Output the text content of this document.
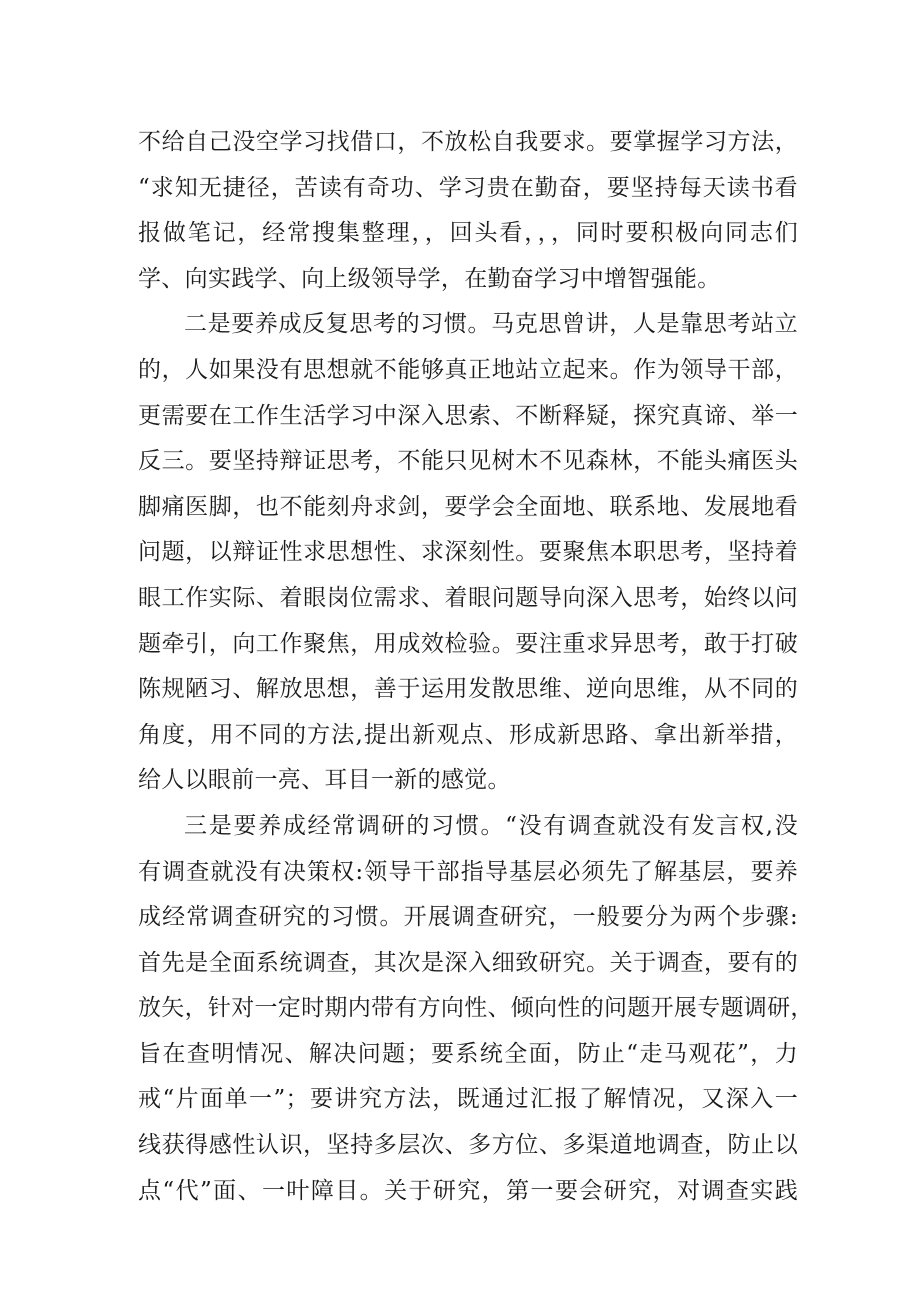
不给自己没空学习找借口，不放松自我要求。要掌握学习方法，
“求知无捷径，苦读有奇功、学习贵在勤奋，要坚持每天读书看
报做笔记，经常搜集整理，，回头看，，，同时要积极向同志们
学、向实践学、向上级领导学，在勤奋学习中增智强能。
二是要养成反复思考的习惯。马克思曾讲，人是靠思考站立
的，人如果没有思想就不能够真正地站立起来。作为领导干部，
更需要在工作生活学习中深入思索、不断释疑，探究真谛、举一
反三。要坚持辩证思考，不能只见树木不见森林，不能头痛医头
脚痛医脚，也不能刻舟求剑，要学会全面地、联系地、发展地看
问题，以辩证性求思想性、求深刻性。要聚焦本职思考，坚持着
眼工作实际、着眼岗位需求、着眼问题导向深入思考，始终以问
题牵引，向工作聚焦，用成效检验。要注重求异思考，敢于打破
陈规陋习、解放思想，善于运用发散思维、逆向思维，从不同的
角度，用不同的方法,提出新观点、形成新思路、拿出新举措，
给人以眼前一亮、耳目一新的感觉。
三是要养成经常调研的习惯。“没有调查就没有发言权,没
有调查就没有决策权:领导干部指导基层必须先了解基层，要养
成经常调查研究的习惯。开展调查研究，一般要分为两个步骤:
首先是全面系统调查，其次是深入细致研究。关于调查，要有的
放矢，针对一定时期内带有方向性、倾向性的问题开展专题调研，
旨在查明情况、解决问题；要系统全面，防止“走马观花”，力
戒“片面单一”；要讲究方法，既通过汇报了解情况，又深入一
线获得感性认识，坚持多层次、多方位、多渠道地调查，防止以
点“代”面、一叶障目。关于研究，第一要会研究，对调查实践
